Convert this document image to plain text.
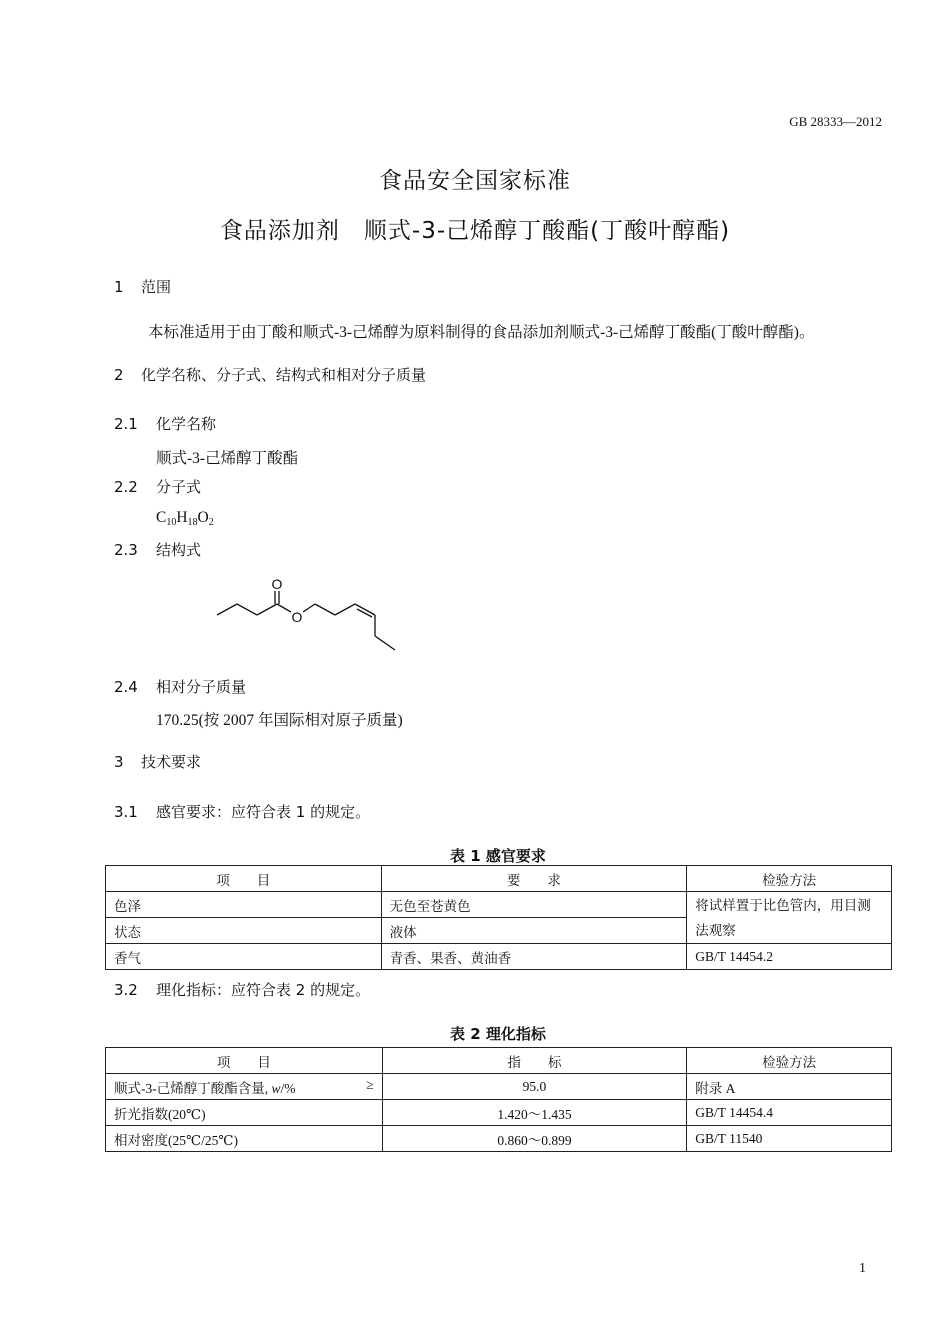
GB 28333—2012
食品安全国家标准
食品添加剂　顺式-3-己烯醇丁酸酯(丁酸叶醇酯)
1 范围
本标准适用于由丁酸和顺式-3-己烯醇为原料制得的食品添加剂顺式-3-己烯醇丁酸酯(丁酸叶醇酯)。
2 化学名称、分子式、结构式和相对分子质量
2.1 化学名称
顺式-3-己烯醇丁酸酯
2.2 分子式
$C_{10}H_{18}O_2$
2.3 结构式
O
O
2.4 相对分子质量
170.25(按 2007 年国际相对原子质量)
3 技术要求
3.1 感官要求：应符合表 1 的规定。
表 1 感官要求
项　　目	要　　求	检验方法
色泽	无色至苍黄色	将试样置于比色管内，用目测
法观察

状态	液体	
香气	青香、果香、黄油香	GB/T 14454.2
3.2 理化指标：应符合表 2 的规定。
表 2 理化指标
项　　目	指　　标	检验方法

≥
顺式-3-己烯醇丁酸酯含量, w/%	95.0	附录 A
折光指数(20℃)	1.420～1.435	GB/T 14454.4
相对密度(25℃/25℃)	0.860～0.899	GB/T 11540
1
